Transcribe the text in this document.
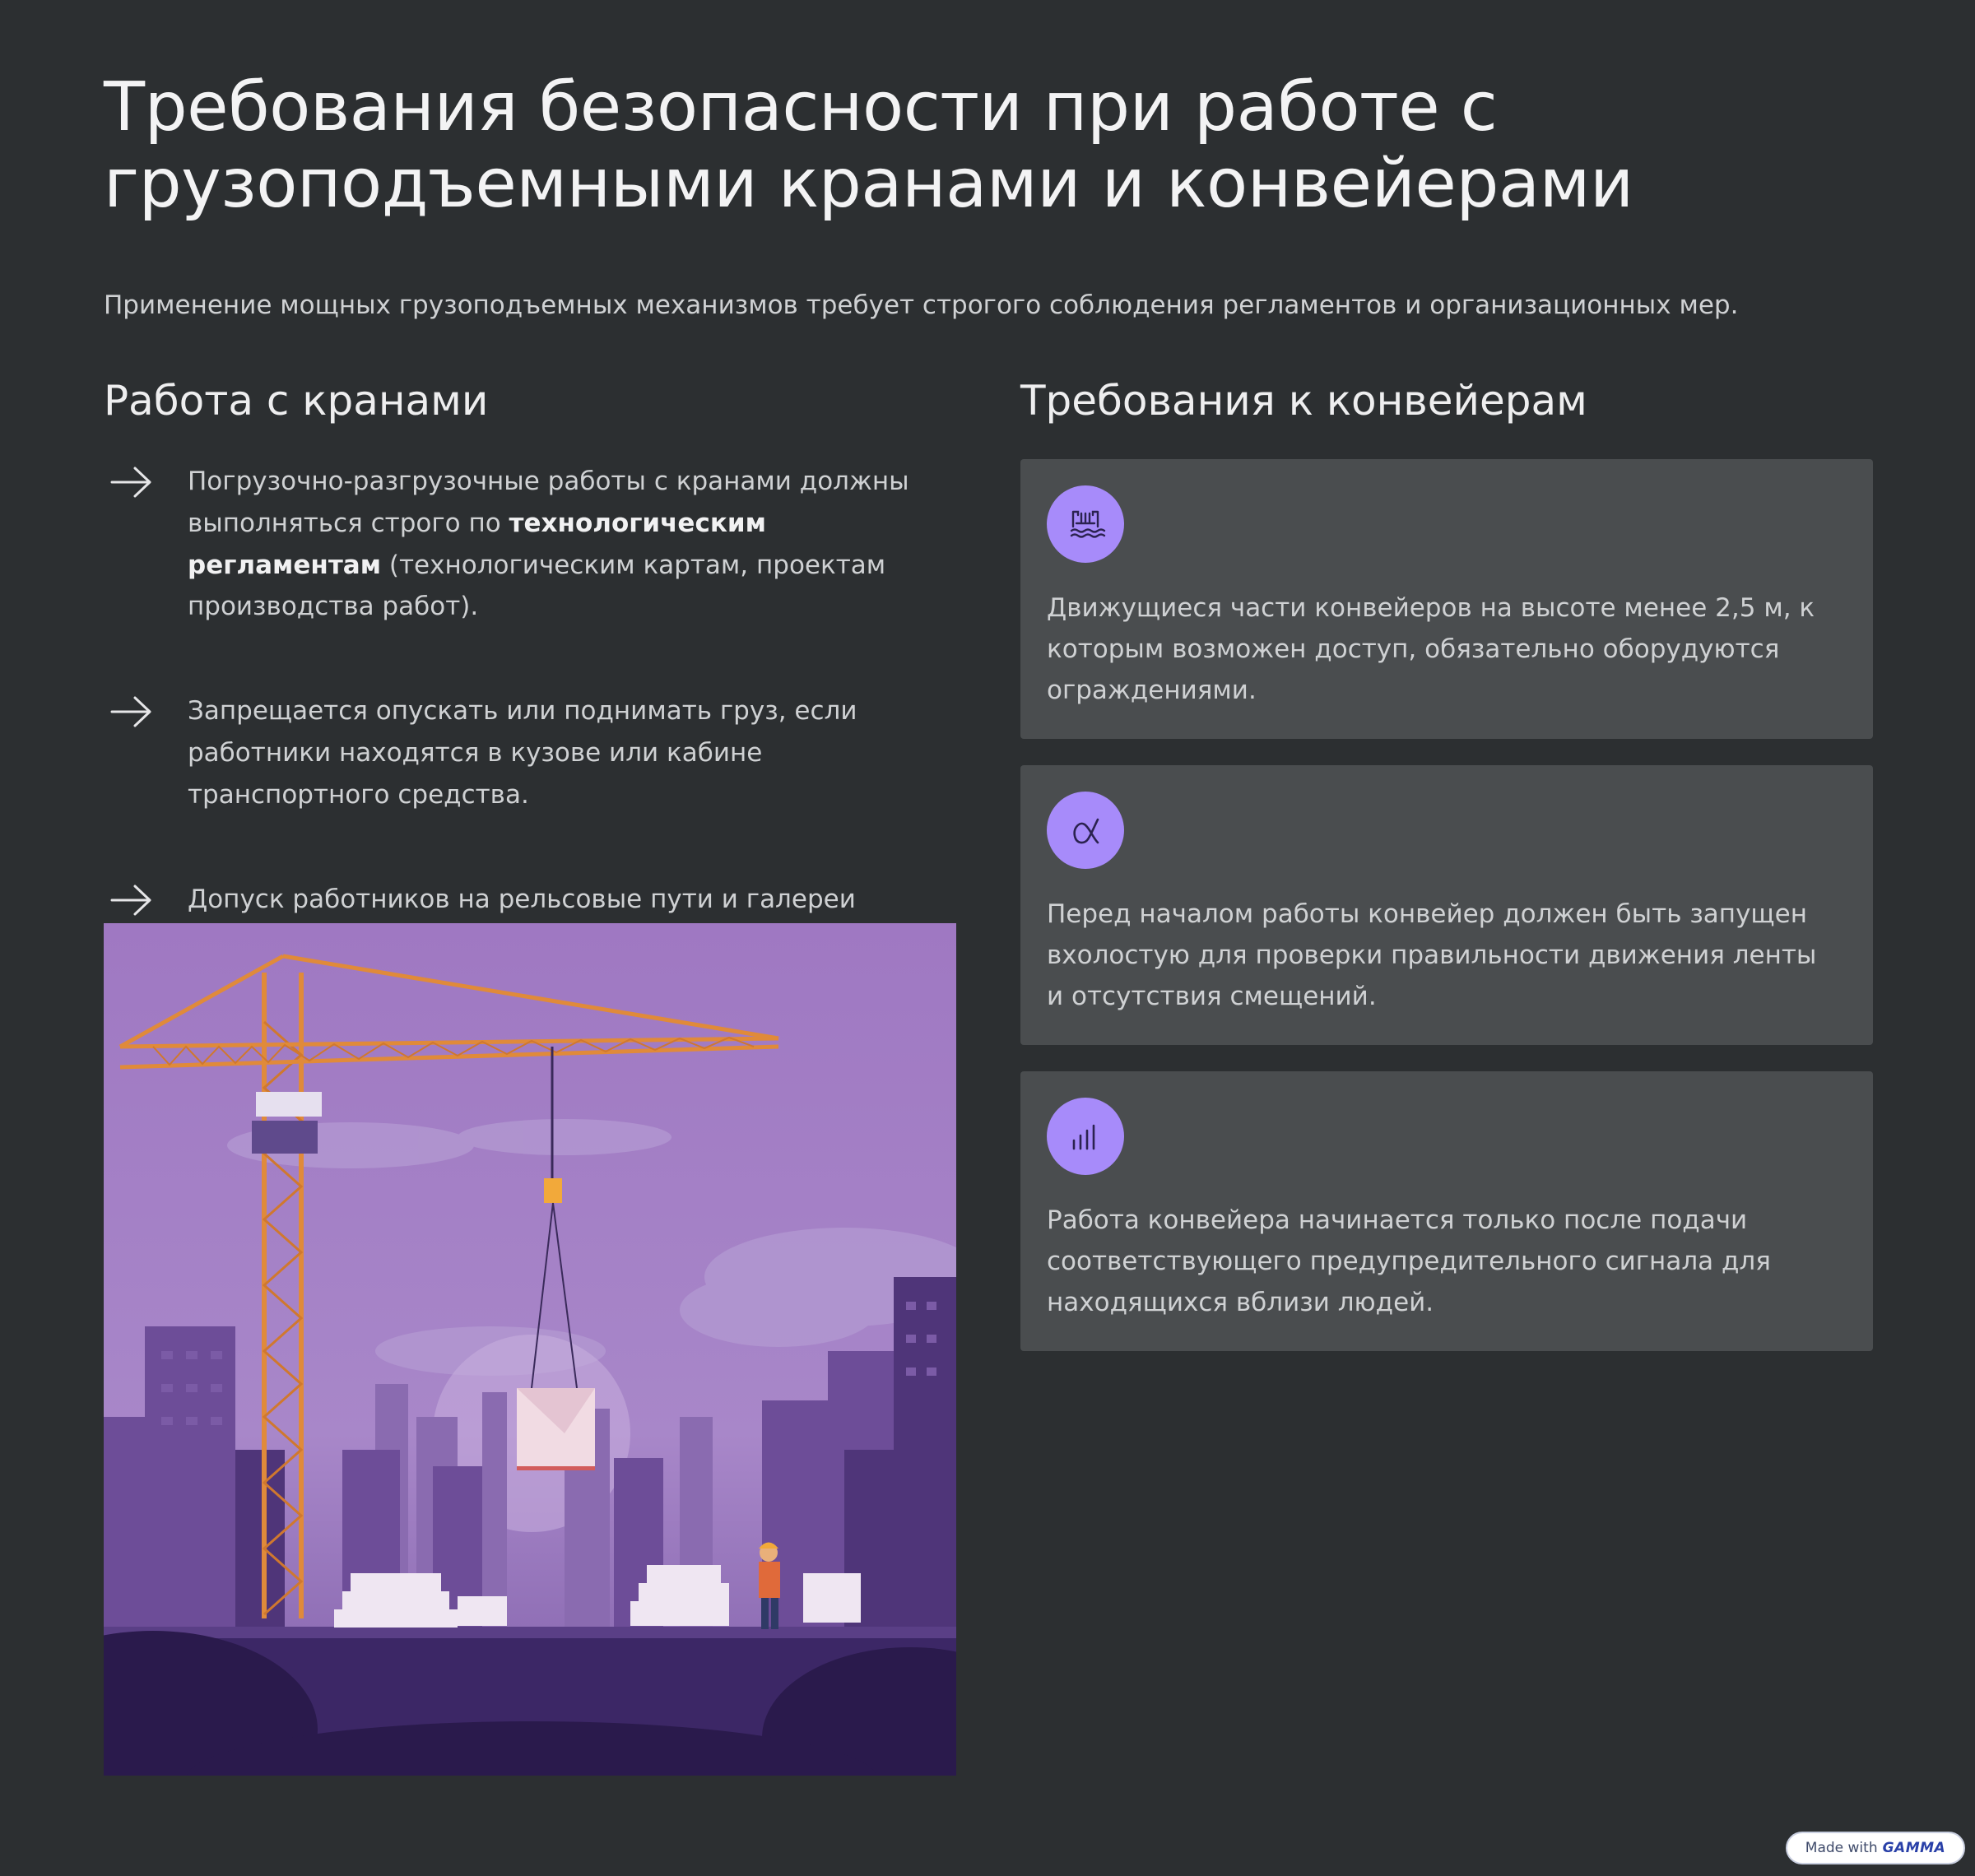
Требования безопасности при работе с грузоподъемными кранами и конвейерами

Применение мощных грузоподъемных механизмов требует строгого соблюдения регламентов и организационных мер.

Работа с кранами	Требования к конвейерам

Погрузочно-разгрузочные работы с кранами должны выполняться строго по технологическим регламентам (технологическим картам, проектам производства работ).

Запрещается опускать или поднимать груз, если работники находятся в кузове или кабине транспортного средства.

Допуск работников на рельсовые пути и галереи

Движущиеся части конвейеров на высоте менее 2,5 м, к которым возможен доступ, обязательно оборудуются ограждениями.

Перед началом работы конвейер должен быть запущен вхолостую для проверки правильности движения ленты и отсутствия смещений.

Работа конвейера начинается только после подачи соответствующего предупредительного сигнала для находящихся вблизи людей.

Made with GAMMA
